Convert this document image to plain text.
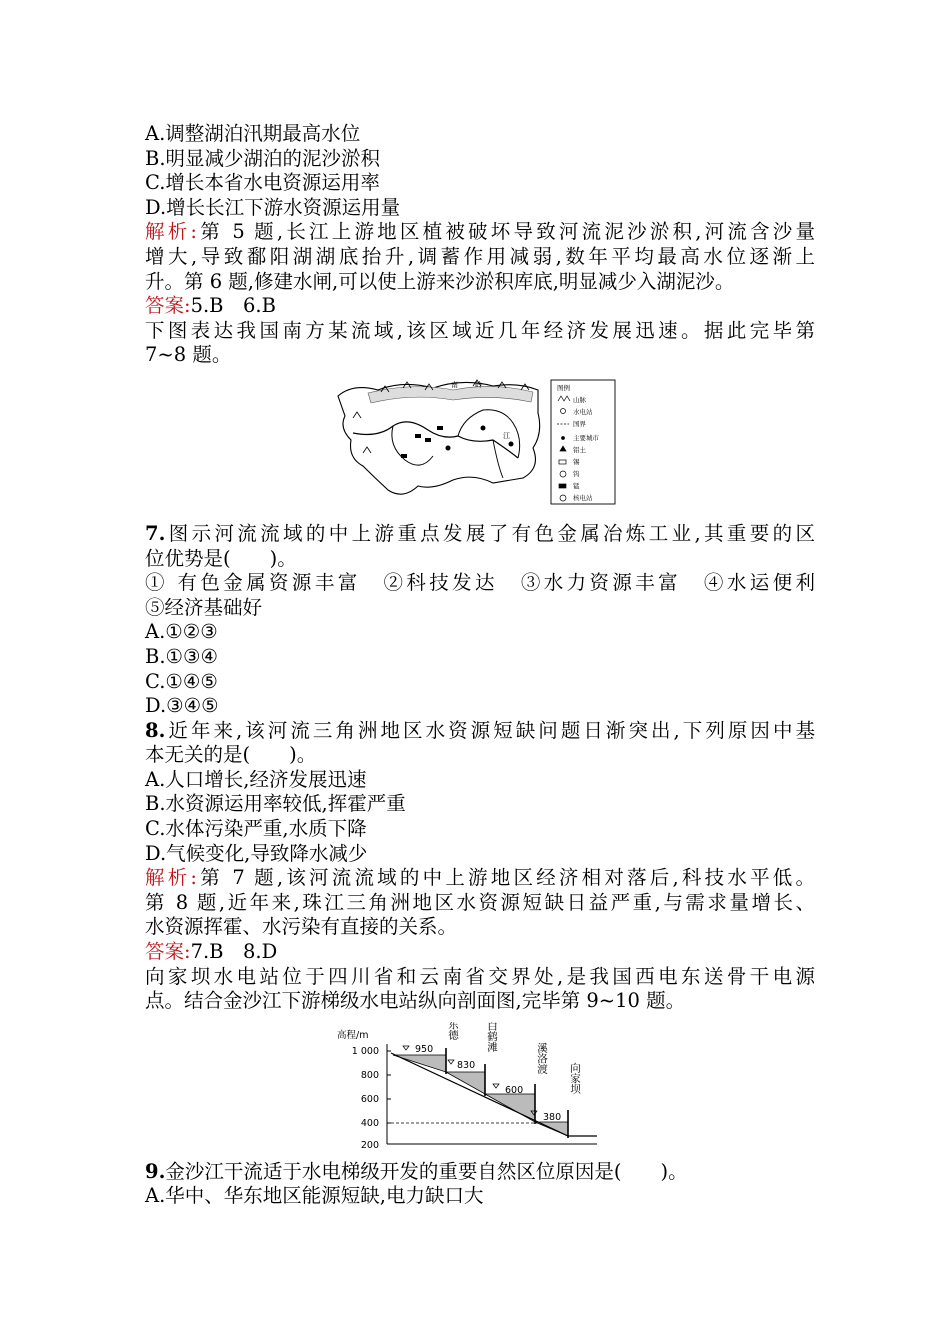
A.调整湖泊汛期最高水位
B.明显减少湖泊的泥沙淤积
C.增长本省水电资源运用率
D.增长长江下游水资源运用量
解析:第 5 题,长江上游地区植被破坏导致河流泥沙淤积,河流含沙量
增大,导致鄱阳湖湖底抬升,调蓄作用减弱,数年平均最高水位逐渐上
升。第 6 题,修建水闸,可以使上游来沙淤积库底,明显减少入湖泥沙。
答案:5.B　6.B
下图表达我国南方某流域,该区域近几年经济发展迅速。据此完毕第
7~8 题。
南 岭
江
图例
山脉
水电站
国界
主要城市
铝土
锡
钨
锰
核电站
7.图示河流流域的中上游重点发展了有色金属冶炼工业,其重要的区
位优势是(　　)。
① 有色金属资源丰富　②科技发达　③水力资源丰富　④水运便利
⑤经济基础好
A.①②③
B.①③④
C.①④⑤
D.③④⑤
8.近年来,该河流三角洲地区水资源短缺问题日渐突出,下列原因中基
本无关的是(　　)。
A.人口增长,经济发展迅速
B.水资源运用率较低,挥霍严重
C.水体污染严重,水质下降
D.气候变化,导致降水减少
解析:第 7 题,该河流流域的中上游地区经济相对落后,科技水平低。
第 8 题,近年来,珠江三角洲地区水资源短缺日益严重,与需求量增长、
水资源挥霍、水污染有直接的关系。
答案:7.B　8.D
向家坝水电站位于四川省和云南省交界处,是我国西电东送骨干电源
点。结合金沙江下游梯级水电站纵向剖面图,完毕第 9~10 题。
高程/m
1 000
800
600
400
200
950
830
600
380
乌东德	白鹤滩
溪洛渡
向家坝
9.金沙江干流适于水电梯级开发的重要自然区位原因是(　　)。
A.华中、华东地区能源短缺,电力缺口大
